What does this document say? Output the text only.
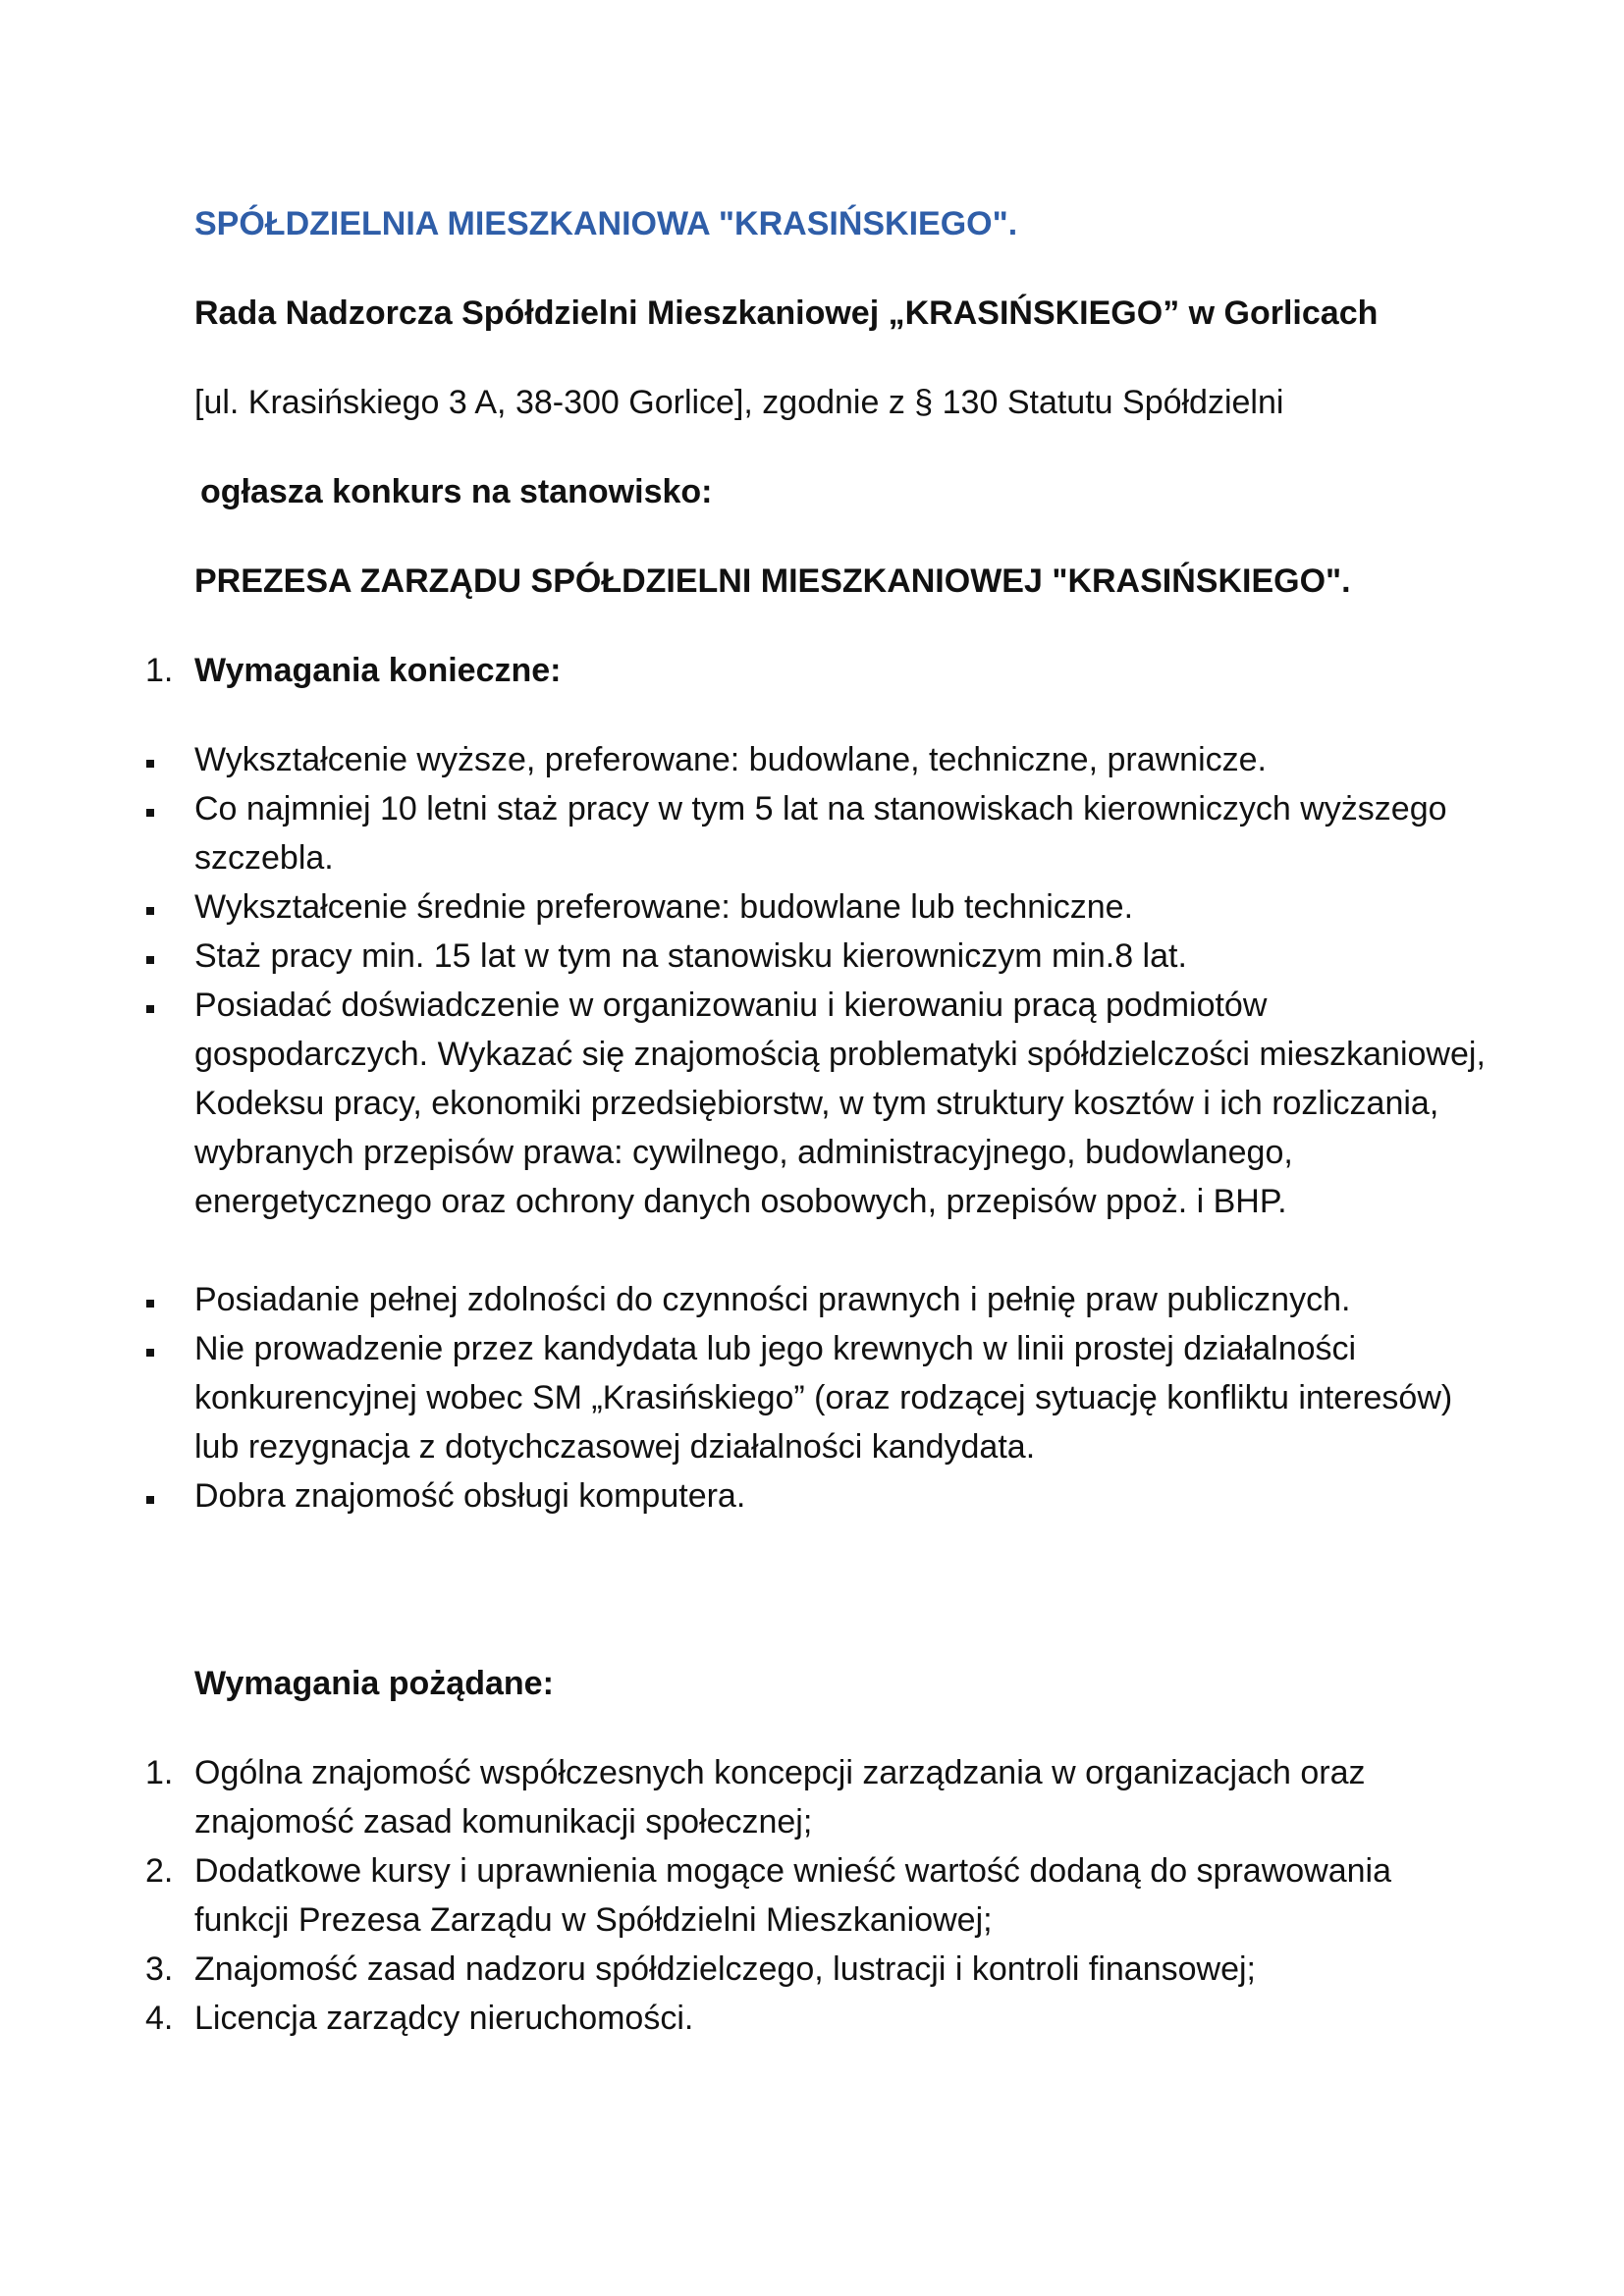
SPÓŁDZIELNIA MIESZKANIOWA "KRASIŃSKIEGO".
Rada Nadzorcza Spółdzielni Mieszkaniowej „KRASIŃSKIEGO” w Gorlicach
[ul. Krasińskiego 3 A, 38-300 Gorlice], zgodnie z § 130 Statutu Spółdzielni
ogłasza konkurs na stanowisko:
PREZESA ZARZĄDU SPÓŁDZIELNI MIESZKANIOWEJ "KRASIŃSKIEGO".
1. Wymagania konieczne:
Wykształcenie wyższe, preferowane: budowlane, techniczne, prawnicze.
Co najmniej 10 letni staż pracy w tym 5 lat na stanowiskach kierowniczych wyższego szczebla.
Wykształcenie średnie preferowane: budowlane lub techniczne.
Staż pracy min. 15 lat w tym na stanowisku kierowniczym min.8 lat.
Posiadać doświadczenie w organizowaniu i kierowaniu pracą podmiotów gospodarczych. Wykazać się znajomością problematyki spółdzielczości mieszkaniowej, Kodeksu pracy, ekonomiki przedsiębiorstw, w tym struktury kosztów i ich rozliczania, wybranych przepisów prawa: cywilnego, administracyjnego, budowlanego, energetycznego oraz ochrony danych osobowych, przepisów ppoż. i BHP.
Posiadanie pełnej zdolności do czynności prawnych i pełnię praw publicznych.
Nie prowadzenie przez kandydata lub jego krewnych w linii prostej działalności konkurencyjnej wobec SM „Krasińskiego” (oraz rodzącej sytuację konfliktu interesów) lub rezygnacja z dotychczasowej działalności kandydata.
Dobra znajomość obsługi komputera.
Wymagania pożądane:
1. Ogólna znajomość współczesnych koncepcji zarządzania w organizacjach oraz znajomość zasad komunikacji społecznej;
2. Dodatkowe kursy i uprawnienia mogące wnieść wartość dodaną do sprawowania funkcji Prezesa Zarządu w Spółdzielni Mieszkaniowej;
3. Znajomość zasad nadzoru spółdzielczego, lustracji i kontroli finansowej;
4. Licencja zarządcy nieruchomości.
